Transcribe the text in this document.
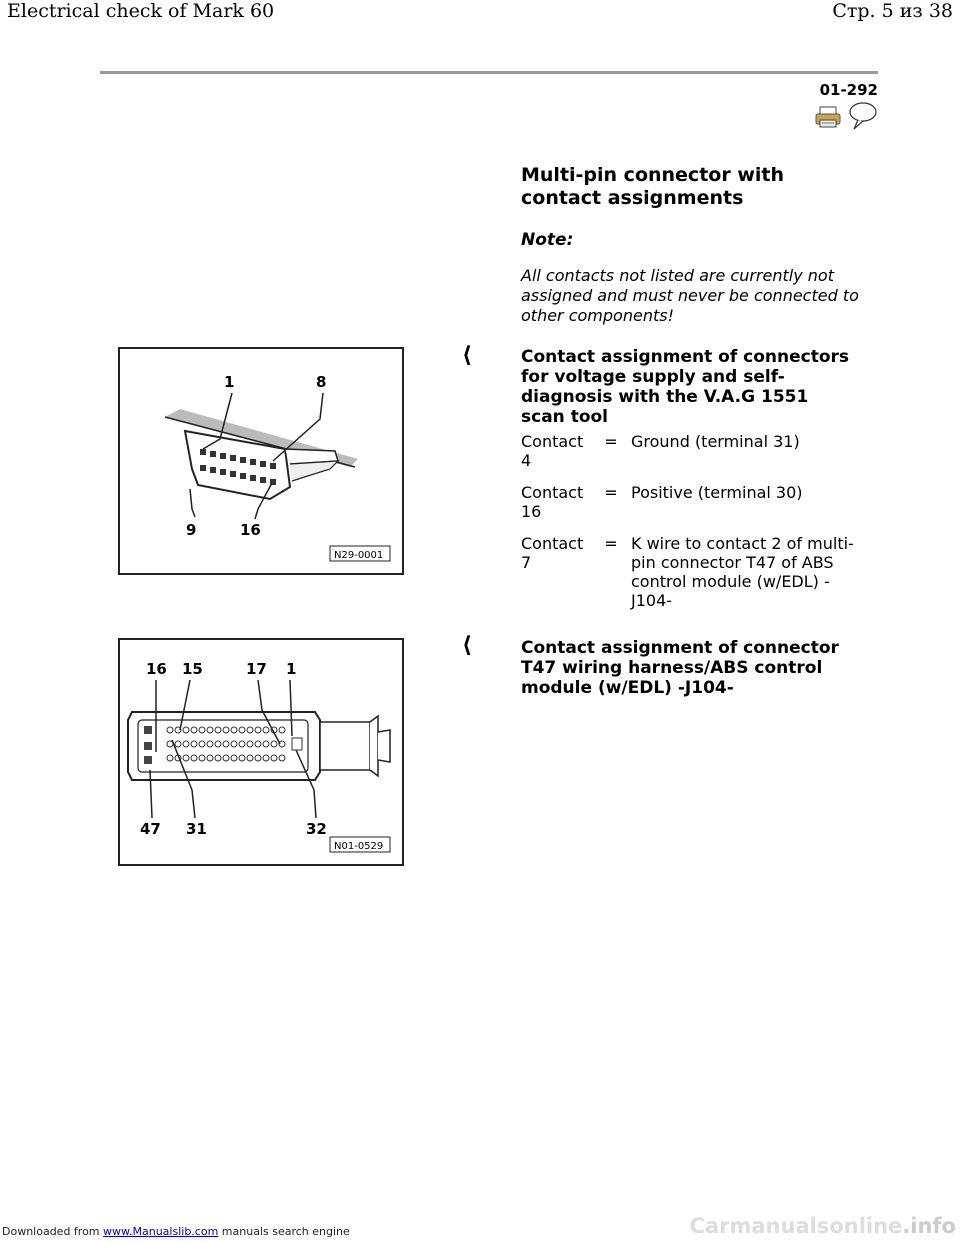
Electrical check of Mark 60	Стр. 5 из 38
01-292
Multi-pin connector with contact assignments
Note:
All contacts not listed are currently not assigned and must never be connected to other components!
1	8
9	16
N29-0001
⟨	Contact assignment of connectors for voltage supply and self-diagnosis with the V.A.G 1551 scan tool
Contact 4	=	Ground (terminal 31)
Contact 16	=	Positive (terminal 30)
Contact 7	=	K wire to contact 2 of multi-pin connector T47 of ABS control module (w/EDL) -J104-
16 15	17 1
47 31	32
N01-0529
⟨	Contact assignment of connector T47 wiring harness/ABS control module (w/EDL) -J104-
Downloaded from www.Manualslib.com manuals search engine	Carmanualsonline.info
